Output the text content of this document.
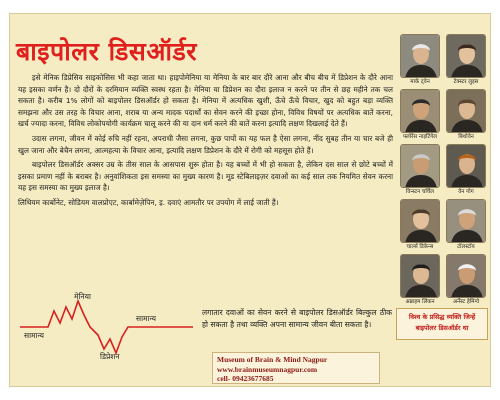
बाइपोलर डिसऑर्डर

इसे मेनिक डिप्रेसिव साइकोसिस भी कहा जाता था। हाइपोमेनिया या मेनिया के बार बार दौरे आना और बीच बीच में डिप्रेशन के दौरे आना यह इसका वर्णन है। दो दौरों के दरमियान व्यक्ति स्वस्थ रहता है। मेनिया या डिप्रेशन का दौरा इलाज न करने पर तीन से छह महीने तक चल सकता है। करीब 1% लोगों को बाइपोलर डिसऑर्डर हो सकता है। मेनिया में अत्यधिक खुशी, ऊँचे ऊँचे विचार, खुद को बहुत बड़ा व्यक्ति समझना और उस तरह के विचार आना, शराब या अन्य मादक पदार्थों का सेवन करने की इच्छा होना, विविध विषयों पर अत्यधिक बातें करना, खर्च ज्यादा करना, विविध लोकोपयोगी कार्यक्रम चालू करने की या दान धर्म करने की बातें करना इत्यादि लक्षण दिखलाई देते हैं।

उदास लगना, जीवन में कोई रुचि नहीं रहना, अपराधी जैसा लगना, कुछ पापों का यह फल है ऐसा लगना, नींद सुबह तीन या चार बजे ही खुल जाना और बेचैन लगना, आत्महत्या के विचार आना, इत्यादि लक्षण डिप्रेशन के दौरे में रोगी को महसूस होते हैं।

बाइपोलर डिसऑर्डर अक्सर उम्र के तीस साल के आसपास शुरू होता है। यह बच्चों में भी हो सकता है, लेकिन दस साल से छोटे बच्चों में इसका प्रमाण नहीं के बराबर है। अनुवांशिकता इस समस्या का मुख्य कारण है। मूड स्टेबिलाइज़र दवाओं का कई साल तक नियमित सेवन करना यह इस समस्या का मुख्य इलाज है।

लिथियम कार्बोनेट, सोडियम वालप्रोएट, कार्बामेज़ेपिन, इ. दवाएं आमतौर पर उपयोग में लाई जाती हैं।

सामान्य
मेनिया
सामान्य
डिप्रेशन
लगातार दवाओं का सेवन करने से बाइपोलर डिसऑर्डर बिल्कुल ठीक हो सकता है तथा व्यक्ति अपना सामान्य जीवन बीता सकता है।
Museum of Brain & Mind Nagpur
www.brainmuseumnagpur.com
cell- 09423677685
मार्क ट्वेन	टेक्स्टर लुइस
फ्लोरेंस नाइटिंगेल	बिथोवेन
विन्स्टन चर्चिल	वेन गोग
चार्ल्स डिकेन्स	टॉलस्टॉय
अब्राहम लिंकन	अर्नेस्ट हेमिंग्वे
विश्व के प्रसिद्ध व्यक्ति जिन्हें बाइपोलर डिसऑर्डर था
